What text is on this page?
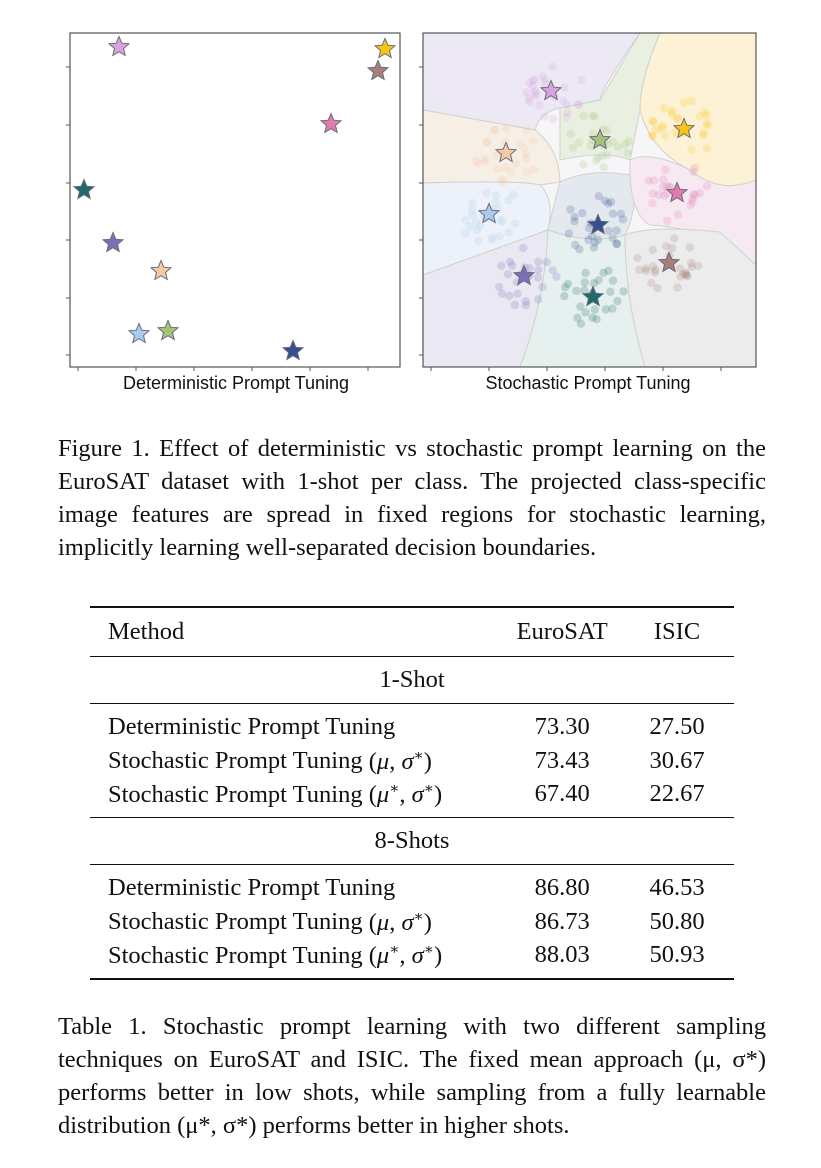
Deterministic Prompt Tuning	Stochastic Prompt Tuning
Figure 1. Effect of deterministic vs stochastic prompt learning on the EuroSAT dataset with 1-shot per class. The projected class-specific image features are spread in fixed regions for stochastic learning, implicitly learning well-separated decision boundaries.
Method	EuroSAT	ISIC
1-Shot		
Deterministic Prompt Tuning	73.30	27.50
Stochastic Prompt Tuning (μ, σ∗)	73.43	30.67
Stochastic Prompt Tuning (μ∗, σ∗)	67.40	22.67
8-Shots		
Deterministic Prompt Tuning	86.80	46.53
Stochastic Prompt Tuning (μ, σ∗)	86.73	50.80
Stochastic Prompt Tuning (μ∗, σ∗)	88.03	50.93
Table 1. Stochastic prompt learning with two different sampling techniques on EuroSAT and ISIC. The fixed mean approach (μ, σ*) performs better in low shots, while sampling from a fully learnable distribution (μ*, σ*) performs better in higher shots.
